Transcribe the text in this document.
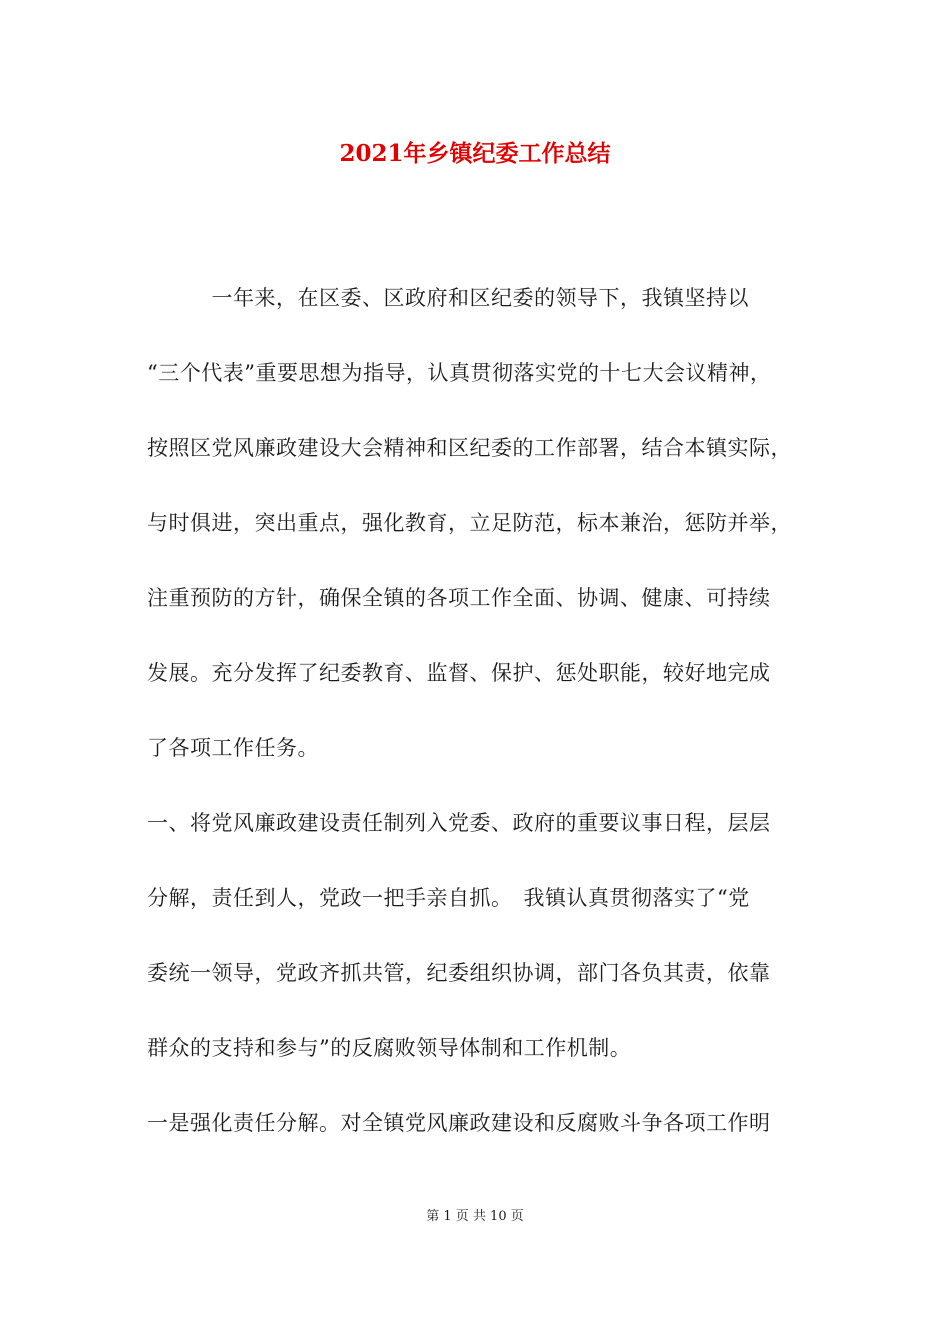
2021年乡镇纪委工作总结
　　　一年来，在区委、区政府和区纪委的领导下，我镇坚持以
“三个代表”重要思想为指导，认真贯彻落实党的十七大会议精神，
按照区党风廉政建设大会精神和区纪委的工作部署，结合本镇实际，
与时俱进，突出重点，强化教育，立足防范，标本兼治，惩防并举，
注重预防的方针，确保全镇的各项工作全面、协调、健康、可持续
发展。充分发挥了纪委教育、监督、保护、惩处职能，较好地完成
了各项工作任务。
一、将党风廉政建设责任制列入党委、政府的重要议事日程，层层
分解，责任到人，党政一把手亲自抓。　我镇认真贯彻落实了“党
委统一领导，党政齐抓共管，纪委组织协调，部门各负其责，依靠
群众的支持和参与”的反腐败领导体制和工作机制。
一是强化责任分解。对全镇党风廉政建设和反腐败斗争各项工作明
第 1 页 共 10 页
